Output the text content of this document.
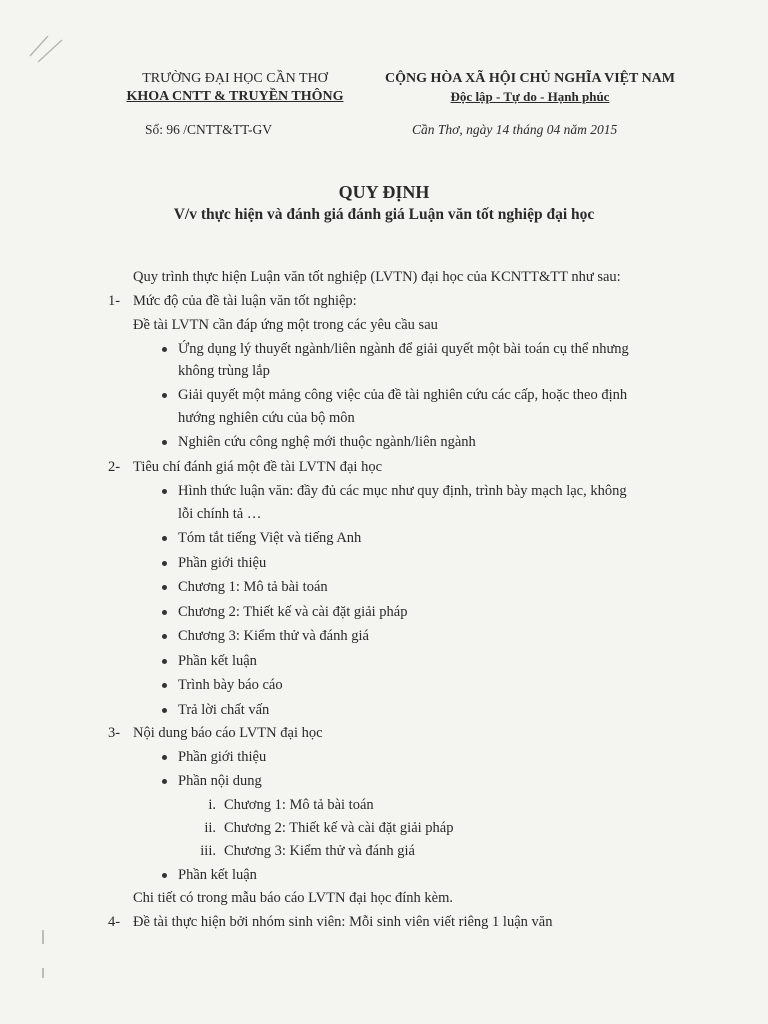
TRƯỜNG ĐẠI HỌC CẦN THƠ
KHOA CNTT & TRUYỀN THÔNG
CỘNG HÒA XÃ HỘI CHỦ NGHĨA VIỆT NAM
Độc lập - Tự do - Hạnh phúc
Số: 96 /CNTT&TT-GV	Cần Thơ, ngày 14 tháng 04 năm 2015
QUY ĐỊNH
V/v thực hiện và đánh giá đánh giá Luận văn tốt nghiệp đại học
Quy trình thực hiện Luận văn tốt nghiệp (LVTN) đại học của KCNTT&TT như sau:
1- Mức độ của đề tài luận văn tốt nghiệp:
Đề tài LVTN cần đáp ứng một trong các yêu cầu sau
Ứng dụng lý thuyết ngành/liên ngành để giải quyết một bài toán cụ thể nhưng
không trùng lắp
Giải quyết một mảng công việc của đề tài nghiên cứu các cấp, hoặc theo định
hướng nghiên cứu của bộ môn
Nghiên cứu công nghệ mới thuộc ngành/liên ngành
2- Tiêu chí đánh giá một đề tài LVTN đại học
Hình thức luận văn: đầy đủ các mục như quy định, trình bày mạch lạc, không
lỗi chính tả …
Tóm tắt tiếng Việt và tiếng Anh
Phần giới thiệu
Chương 1: Mô tả bài toán
Chương 2: Thiết kế và cài đặt giải pháp
Chương 3: Kiểm thử và đánh giá
Phần kết luận
Trình bày báo cáo
Trả lời chất vấn
3- Nội dung báo cáo LVTN đại học
Phần giới thiệu
Phần nội dung
i. Chương 1: Mô tả bài toán
ii. Chương 2: Thiết kế và cài đặt giải pháp
iii. Chương 3: Kiểm thử và đánh giá
Phần kết luận
Chi tiết có trong mẫu báo cáo LVTN đại học đính kèm.
4- Đề tài thực hiện bởi nhóm sinh viên: Mỗi sinh viên viết riêng 1 luận văn
